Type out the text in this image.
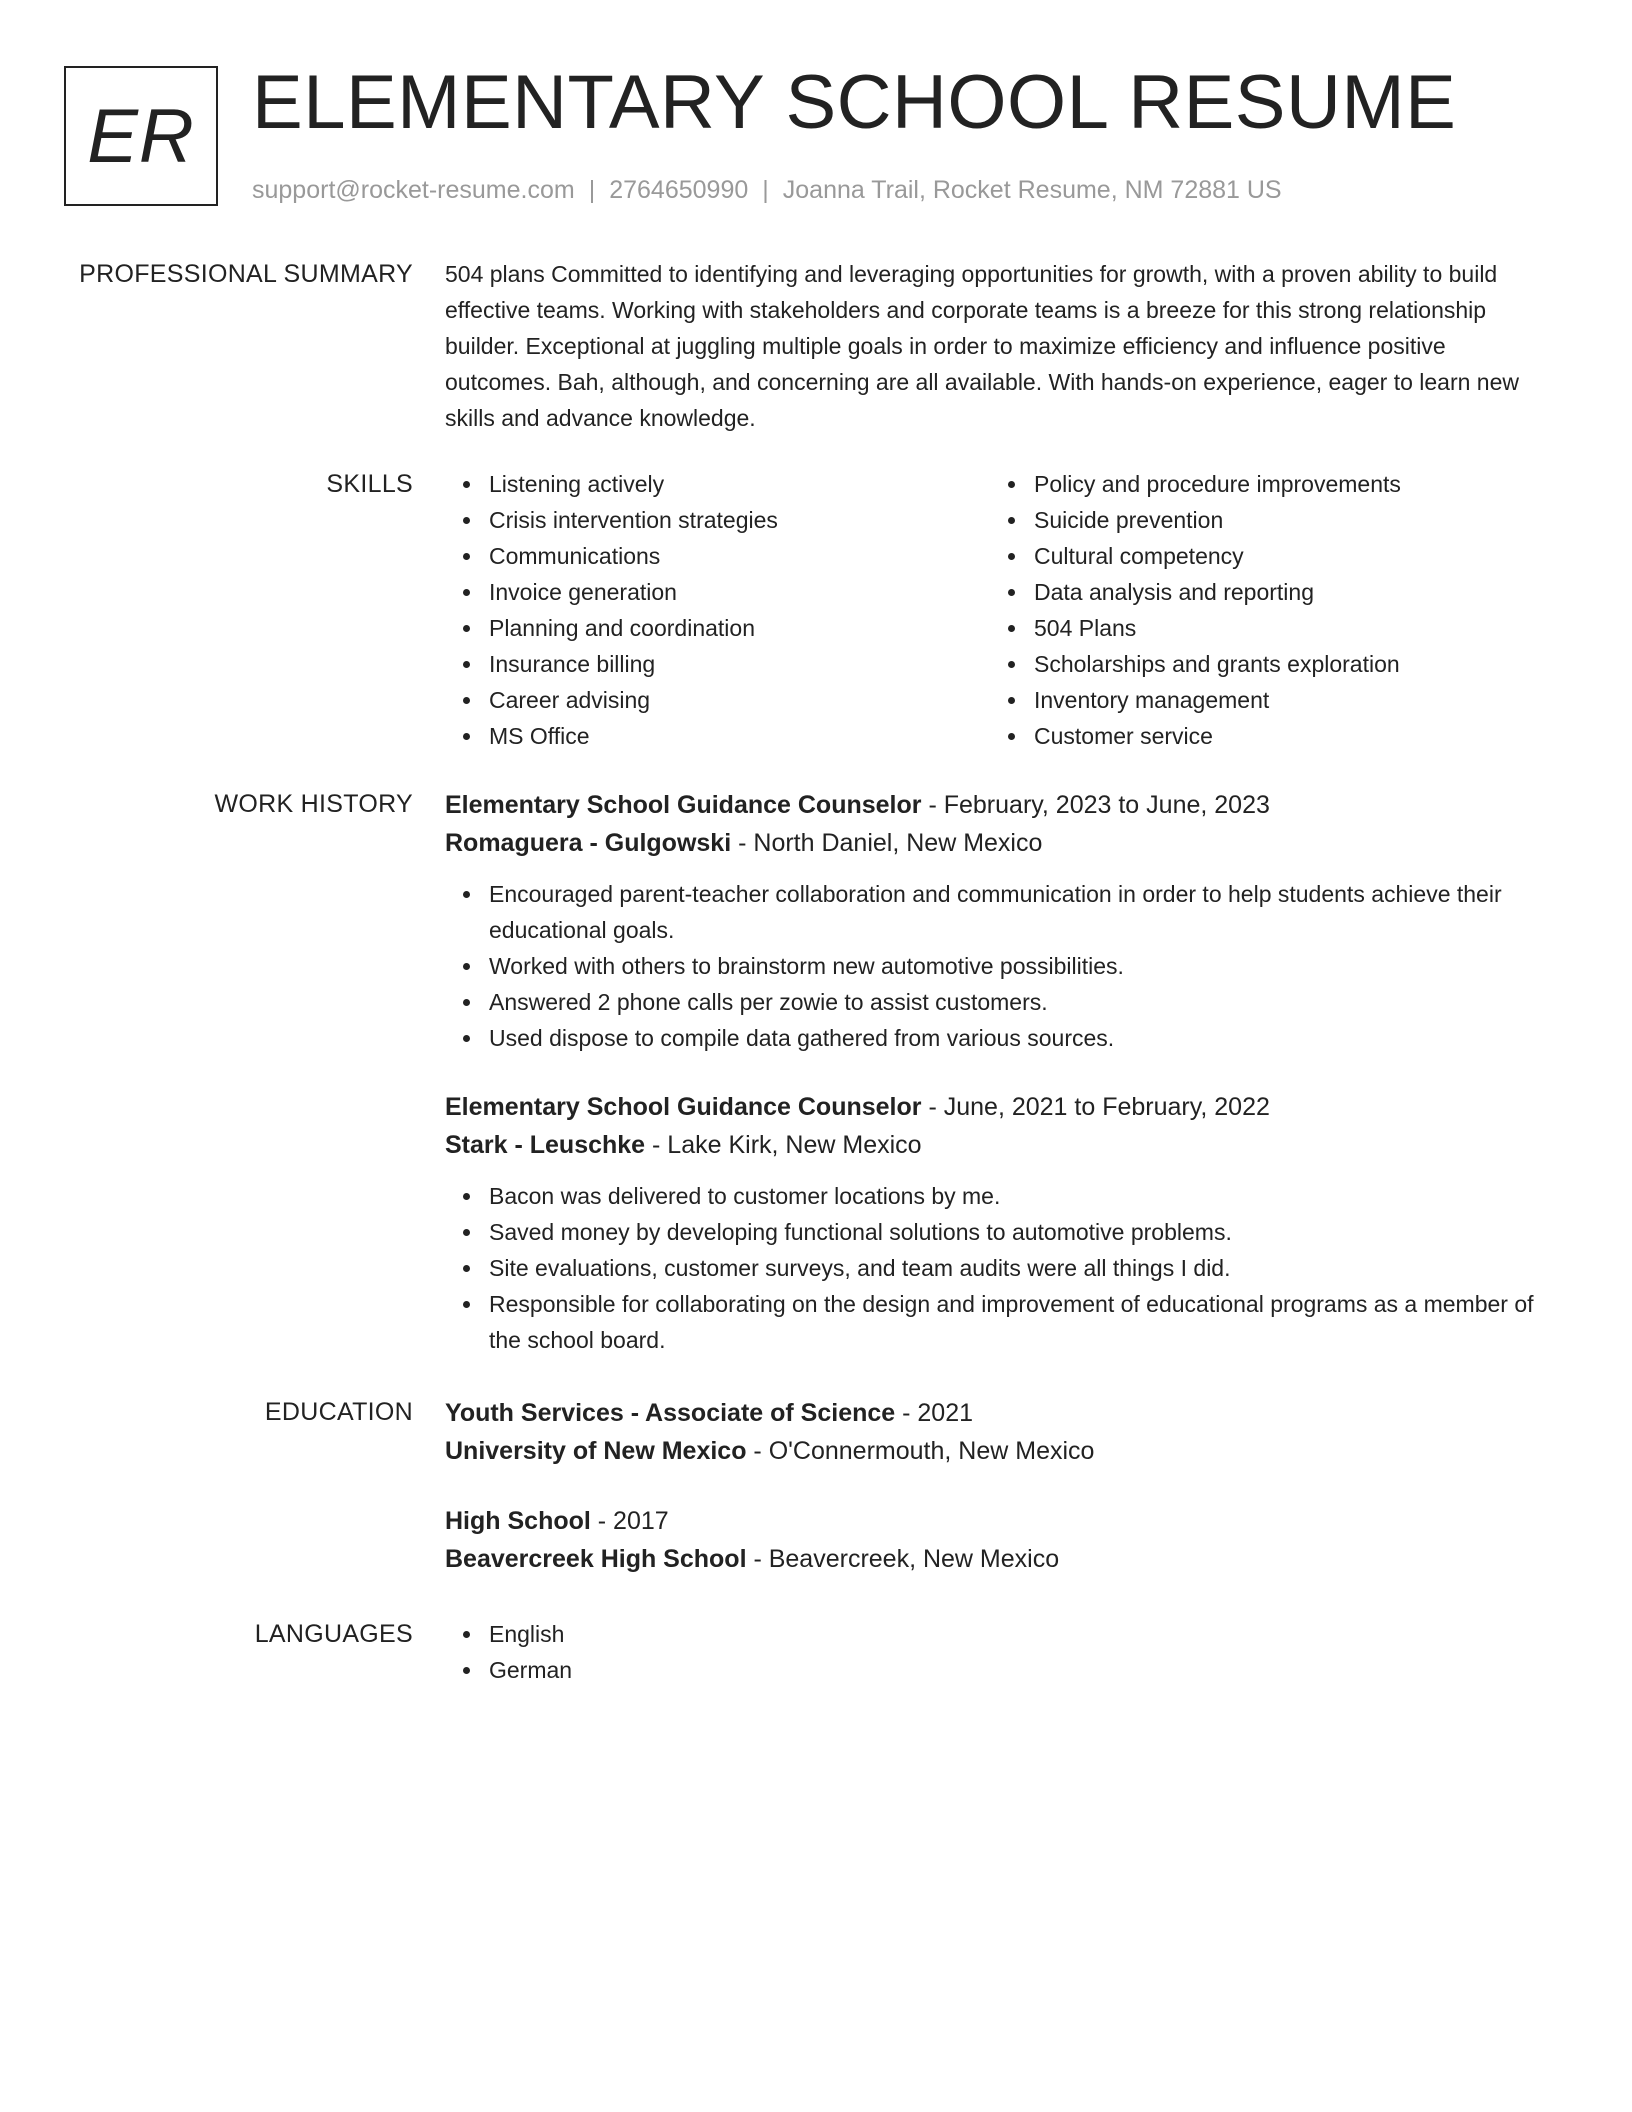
ER ELEMENTARY SCHOOL RESUME
support@rocket-resume.com | 2764650990 | Joanna Trail, Rocket Resume, NM 72881 US
PROFESSIONAL SUMMARY 504 plans Committed to identifying and leveraging opportunities for growth, with a proven ability to build effective teams. Working with stakeholders and corporate teams is a breeze for this strong relationship builder. Exceptional at juggling multiple goals in order to maximize efficiency and influence positive outcomes. Bah, although, and concerning are all available. With hands-on experience, eager to learn new skills and advance knowledge.

SKILLS	Listening actively
Crisis intervention strategies
Communications
Invoice generation
Planning and coordination
Insurance billing
Career advising
MS Office
Policy and procedure improvements
Suicide prevention
Cultural competency
Data analysis and reporting
504 Plans
Scholarships and grants exploration
Inventory management
Customer service
WORK HISTORY Elementary School Guidance Counselor - February, 2023 to June, 2023
Romaguera - Gulgowski - North Daniel, New Mexico
Encouraged parent-teacher collaboration and communication in order to help students achieve their educational goals.
Worked with others to brainstorm new automotive possibilities.
Answered 2 phone calls per zowie to assist customers.
Used dispose to compile data gathered from various sources.
Elementary School Guidance Counselor - June, 2021 to February, 2022
Stark - Leuschke - Lake Kirk, New Mexico
Bacon was delivered to customer locations by me.
Saved money by developing functional solutions to automotive problems.
Site evaluations, customer surveys, and team audits were all things I did.
Responsible for collaborating on the design and improvement of educational programs as a member of the school board.
EDUCATION Youth Services - Associate of Science - 2021
University of New Mexico - O'Connermouth, New Mexico
High School - 2017
Beavercreek High School - Beavercreek, New Mexico
LANGUAGES	English
German
